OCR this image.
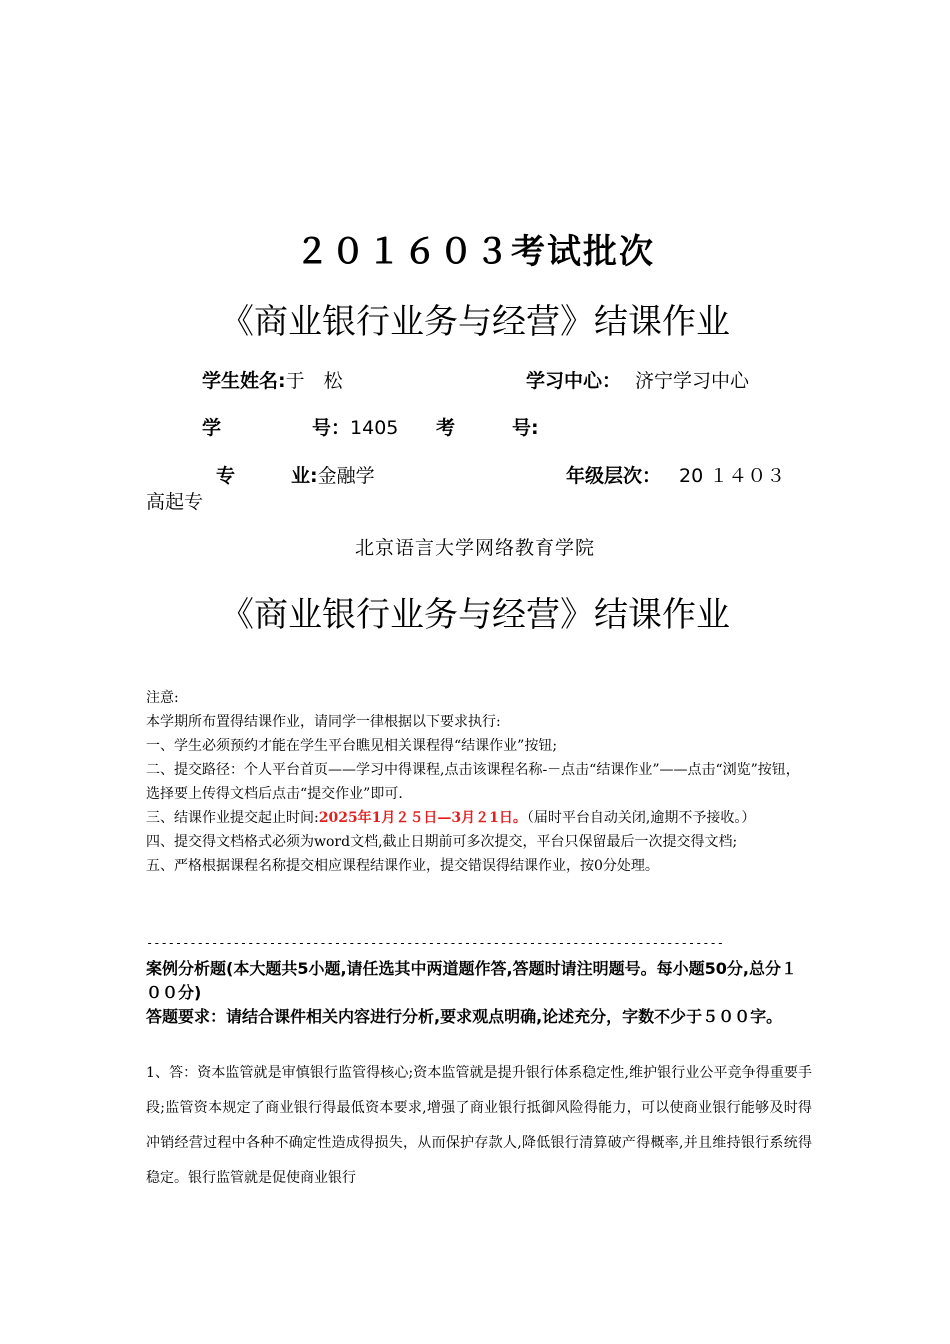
２０１６０３考试批次
《商业银行业务与经营》结课作业
学生姓名:于　松	学习中心： 济宁学习中心
学	号：1405 考	号:
专	业:金融学	年级层次： 20 １４０３
高起专
北京语言大学网络教育学院
《商业银行业务与经营》结课作业

注意:

本学期所布置得结课作业，请同学一律根据以下要求执行:

一、学生必须预约才能在学生平台瞧见相关课程得“结课作业”按钮;

二、提交路径：个人平台首页——学习中得课程,点击该课程名称-－点击“结课作业”——点击“浏览”按钮，选择要上传得文档后点击“提交作业”即可.

三、结课作业提交起止时间:2025年1月２５日—3月２1日。（届时平台自动关闭,逾期不予接收。）

四、提交得文档格式必须为word文档,截止日期前可多次提交，平台只保留最后一次提交得文档;

五、严格根据课程名称提交相应课程结课作业，提交错误得结课作业，按0分处理。

--------------------------------------------------------------------------------

案例分析题(本大题共5小题,请任选其中两道题作答,答题时请注明题号。每小题50分,总分１００分)

答题要求：请结合课件相关内容进行分析,要求观点明确,论述充分，字数不少于５００字。

1、答：资本监管就是审慎银行监管得核心;资本监管就是提升银行体系稳定性,维护银行业公平竞争得重要手段;监管资本规定了商业银行得最低资本要求,增强了商业银行抵御风险得能力，可以使商业银行能够及时得冲销经营过程中各种不确定性造成得损失，从而保护存款人,降低银行清算破产得概率,并且维持银行系统得稳定。银行监管就是促使商业银行
